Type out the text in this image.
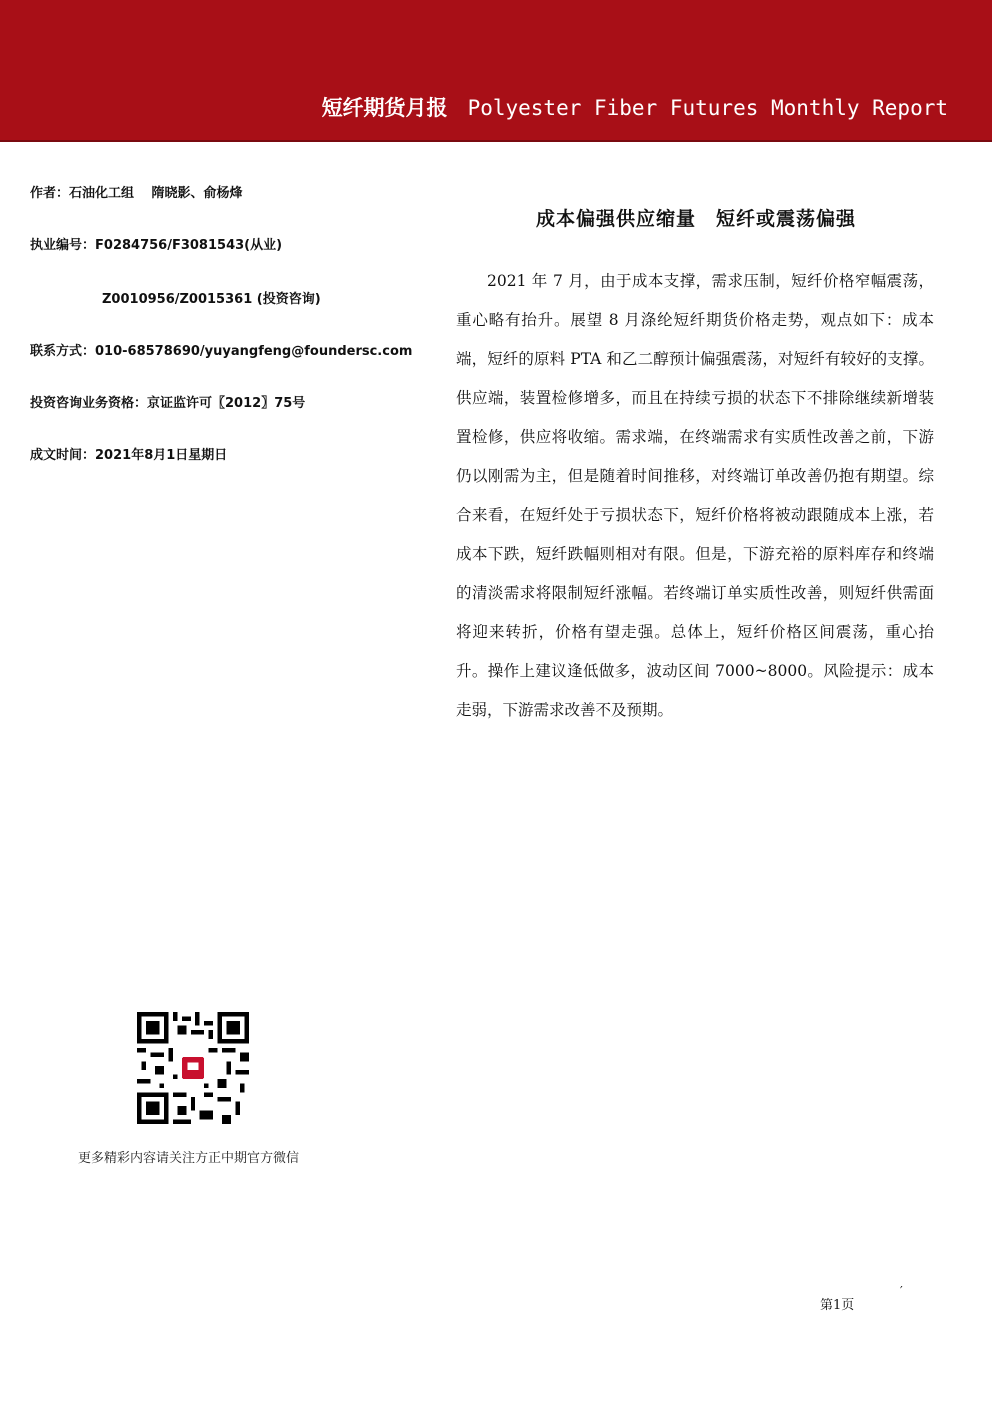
短纤期货月报 Polyester Fiber Futures Monthly Report
作者：石油化工组　 隋晓影、俞杨烽
执业编号：F0284756/F3081543(从业)
Z0010956/Z0015361 (投资咨询)
联系方式：010-68578690/yuyangfeng@foundersc.com
投资咨询业务资格：京证监许可〖2012〗75号
成文时间：2021年8月1日星期日
成本偏强供应缩量　短纤或震荡偏强
2021 年 7 月，由于成本支撑，需求压制，短纤价格窄幅震荡，重心略有抬升。展望 8 月涤纶短纤期货价格走势，观点如下：成本端，短纤的原料 PTA 和乙二醇预计偏强震荡，对短纤有较好的支撑。供应端，装置检修增多，而且在持续亏损的状态下不排除继续新增装置检修，供应将收缩。需求端，在终端需求有实质性改善之前，下游仍以刚需为主，但是随着时间推移，对终端订单改善仍抱有期望。综合来看，在短纤处于亏损状态下，短纤价格将被动跟随成本上涨，若成本下跌，短纤跌幅则相对有限。但是，下游充裕的原料库存和终端的清淡需求将限制短纤涨幅。若终端订单实质性改善，则短纤供需面将迎来转折，价格有望走强。总体上，短纤价格区间震荡，重心抬升。操作上建议逢低做多，波动区间 7000~8000。风险提示：成本走弱，下游需求改善不及预期。
更多精彩内容请关注方正中期官方微信
第1页
′
